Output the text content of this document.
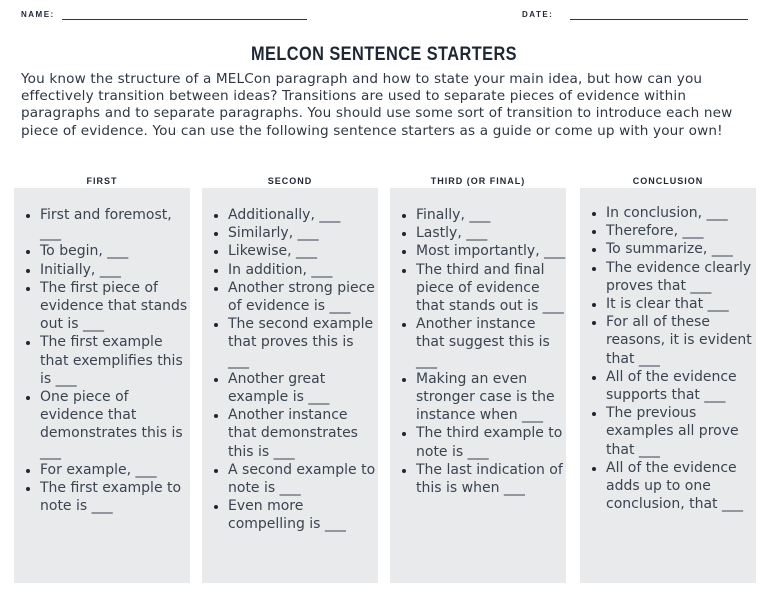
NAME:	DATE:
MELCON SENTENCE STARTERS
You know the structure of a MELCon paragraph and how to state your main idea, but how can you effectively transition between ideas? Transitions are used to separate pieces of evidence within paragraphs and to separate paragraphs. You should use some sort of transition to introduce each new piece of evidence. You can use the following sentence starters as a guide or come up with your own!
FIRST	SECOND	THIRD (OR FINAL)	CONCLUSION
• First and foremost, ___
• To begin, ___
• Initially, ___
• The first piece of evidence that stands out is ___
• The first example that exemplifies this is ___
• One piece of evidence that demonstrates this is ___
• For example, ___
• The first example to note is ___
• Additionally, ___
• Similarly, ___
• Likewise, ___
• In addition, ___
• Another strong piece of evidence is ___
• The second example that proves this is ___
• Another great example is ___
• Another instance that demonstrates this is ___
• A second example to note is ___
• Even more compelling is ___
• Finally, ___
• Lastly, ___
• Most importantly, ___
• The third and final piece of evidence that stands out is ___
• Another instance that suggest this is ___
• Making an even stronger case is the instance when ___
• The third example to note is ___
• The last indication of this is when ___
• In conclusion, ___
• Therefore, ___
• To summarize, ___
• The evidence clearly proves that ___
• It is clear that ___
• For all of these reasons, it is evident that ___
• All of the evidence supports that ___
• The previous examples all prove that ___
• All of the evidence adds up to one conclusion, that ___
